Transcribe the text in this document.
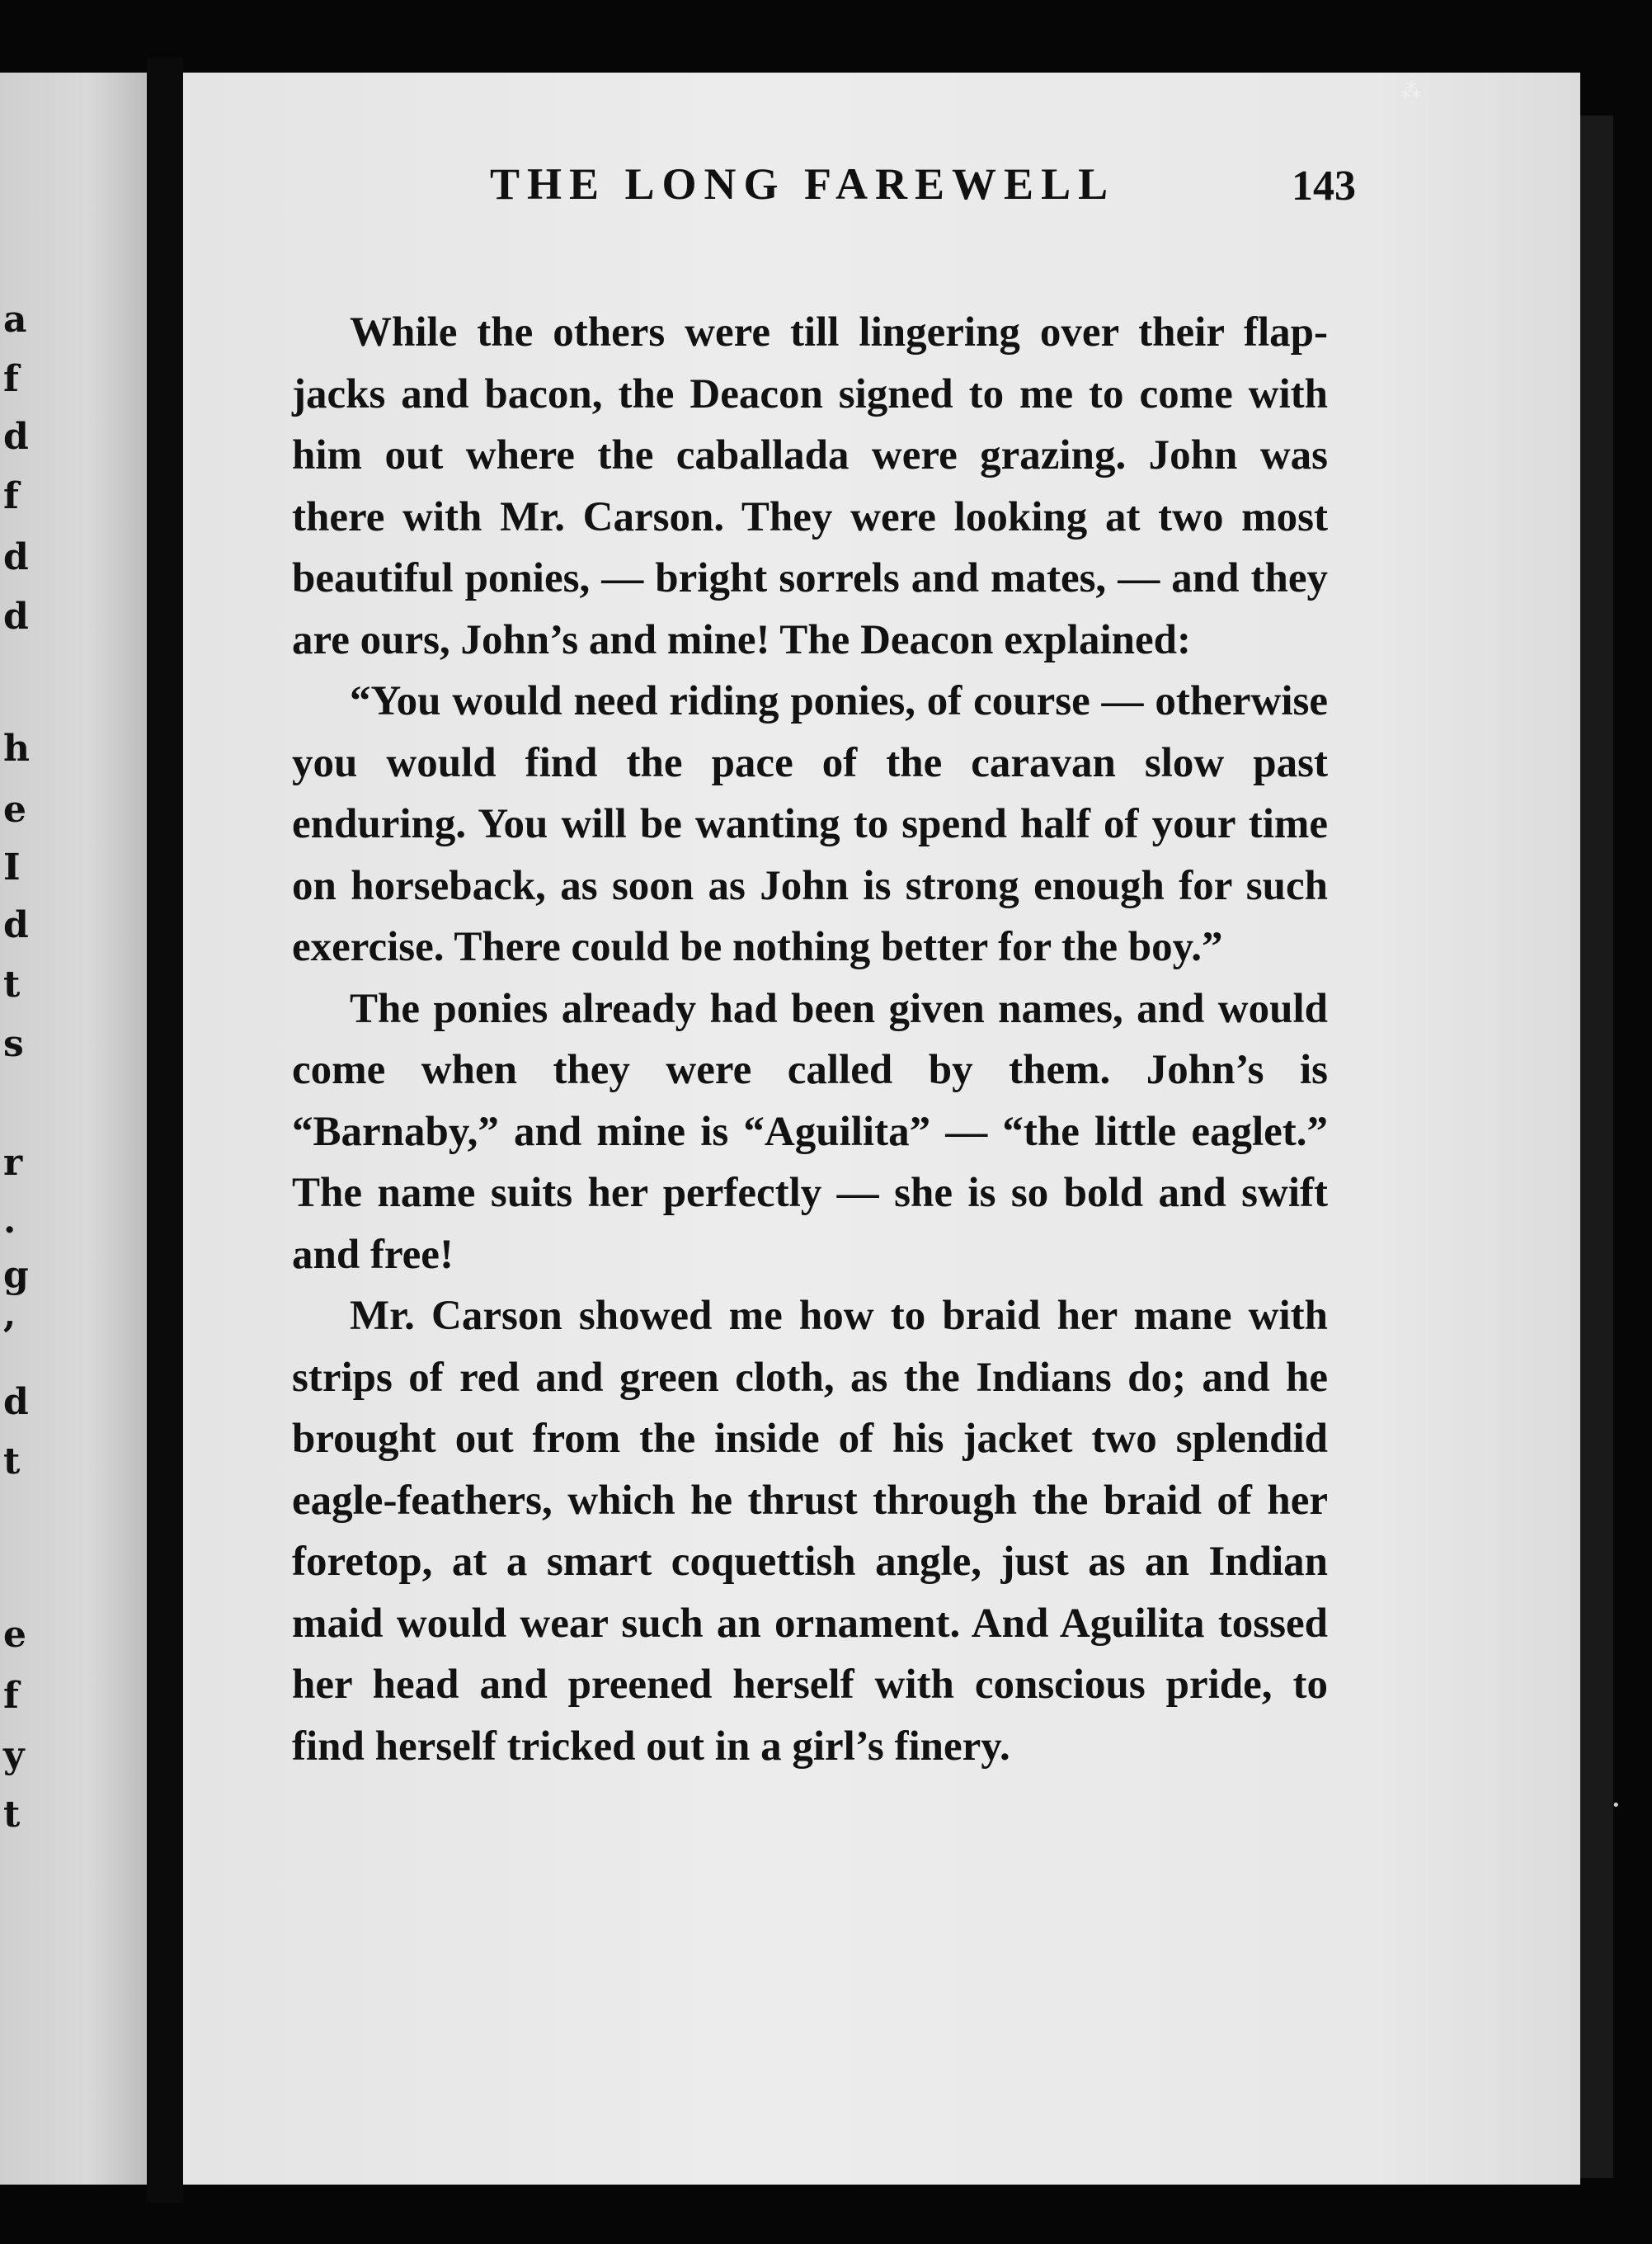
a
f
d
f
d
d
h
e
I
d
t
s
r
.
g
,
d
t
e
f
y
t
⁂
•
THE LONG FAREWELL	143

While the others were till lingering over their flap-jacks and bacon, the Deacon signed to me to come with him out where the caballada were grazing. John was there with Mr. Carson. They were looking at two most beautiful ponies, — bright sorrels and mates, — and they are ours, John’s and mine! The Deacon explained:

“You would need riding ponies, of course — otherwise you would find the pace of the caravan slow past enduring. You will be wanting to spend half of your time on horseback, as soon as John is strong enough for such exercise. There could be nothing better for the boy.”

The ponies already had been given names, and would come when they were called by them. John’s is “Barnaby,” and mine is “Aguilita” — “the little eaglet.” The name suits her perfectly — she is so bold and swift and free!

Mr. Carson showed me how to braid her mane with strips of red and green cloth, as the Indians do; and he brought out from the inside of his jacket two splendid eagle-feathers, which he thrust through the braid of her foretop, at a smart coquettish angle, just as an Indian maid would wear such an ornament. And Aguilita tossed her head and preened herself with conscious pride, to find herself tricked out in a girl’s finery.
